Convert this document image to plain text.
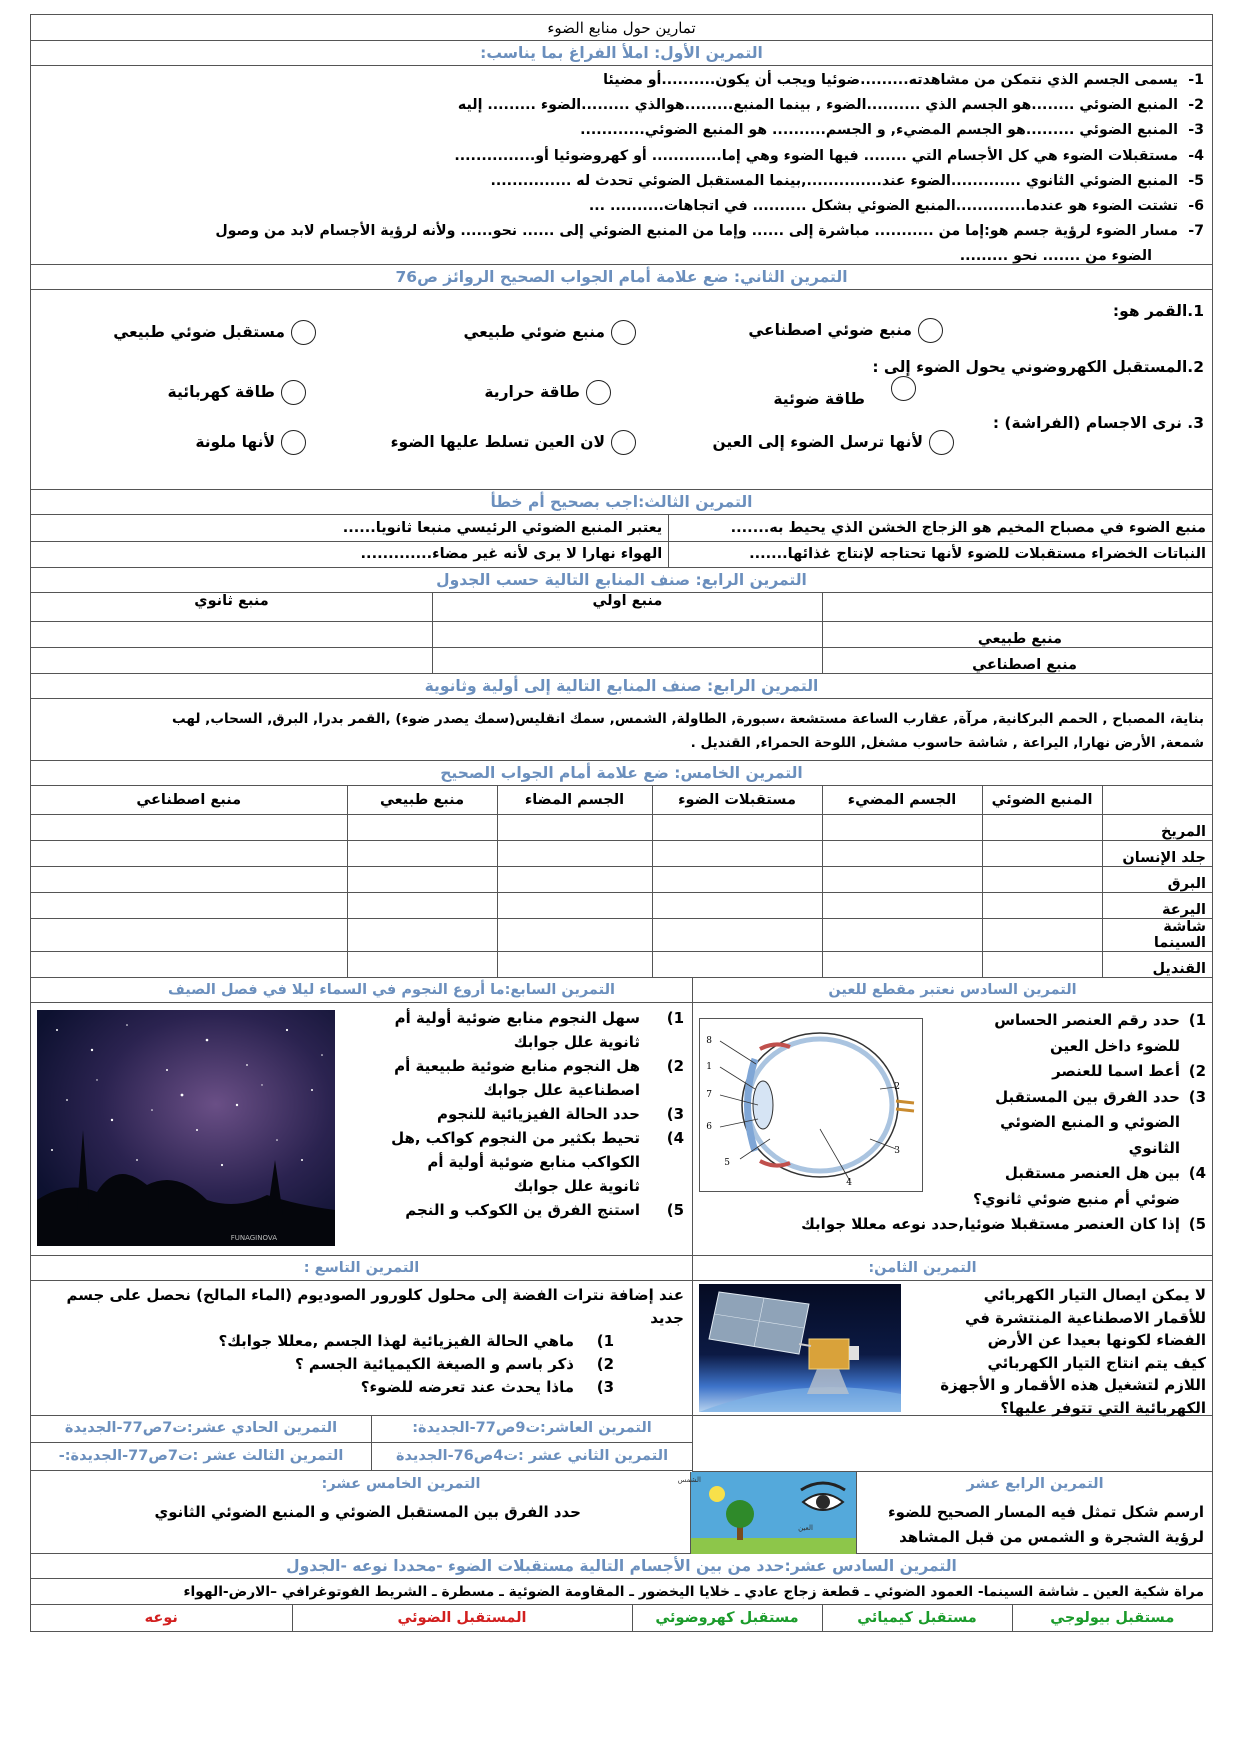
تمارين حول منابع الضوء
التمرين الأول: املأ الفراغ بما يناسب:
1-يسمى الجسم الذي نتمكن من مشاهدته.........ضوئيا ويجب أن يكون..........أو مضيئا
2-المنبع الضوئي ........هو الجسم الذي ..........الضوء , بينما المنبع.........هوالذي .........الضوء ......... إليه
3-المنبع الضوئي .........هو الجسم المضيء, و الجسم.......... هو المنبع الضوئي............
4-مستقبلات الضوء هي كل الأجسام التي ........ فيها الضوء وهي إما............. أو كهروضوئيا أو...............
5-المنبع الضوئي الثانوي .............الضوء عند..............,بينما المستقبل الضوئي تحدث له ...............
6-تشتت الضوء هو عندما.............المنبع الضوئي بشكل .......... في اتجاهات.......... ...
7-مسار الضوء لرؤية جسم هو:إما من ........... مباشرة إلى ...... وإما من المنبع الضوئي إلى ...... نحو...... ولأنه لرؤية الأجسام لابد من وصول
الضوء من ....... نحو .........
التمرين الثاني: ضع علامة أمام الجواب الصحيح الروائز ص76
1.القمر هو:
منبع ضوئي اصطناعي
منبع ضوئي طبيعي
مستقبل ضوئي طبيعي
2.المستقبل الكهروضوني يحول الضوء إلى :
طاقة ضوئية
طاقة حرارية
طاقة كهربائية
3. نرى الاجسام (الفراشة) :
لأنها ترسل الضوء إلى العين
لان العين تسلط عليها الضوء
لأنها ملونة
التمرين الثالث:اجب بصحيح أم خطأ
منبع الضوء في مصباح المخيم هو الزجاج الخشن الذي يحيط به.......	يعتبر المنبع الضوئي الرئيسي منبعا ثانويا......
النباتات الخضراء مستقبلات للضوء لأنها تحتاجه لإنتاج غذائها.......	الهواء نهارا لا يرى لأنه غير مضاء.............
التمرين الرابع: صنف المنابع التالية حسب الجدول
	منبع اولي	منبع ثانوي
منبع طبيعي		
منبع اصطناعي		
التمرين الرابع: صنف المنابع التالية إلى أولية وثانوية
بناية، المصباح , الحمم البركانية, مرآة, عقارب الساعة مستشعة ،سبورة, الطاولة, الشمس, سمك انقليس(سمك يصدر ضوء) ,القمر بدرا, البرق, السحاب, لهب
شمعة, الأرض نهارا, اليراعة , شاشة حاسوب مشغل, اللوحة الحمراء, القنديل .
التمرين الخامس: ضع علامة أمام الجواب الصحيح
	المنبع الضوئي	الجسم المضيء	مستقبلات الضوء	الجسم المضاء	منبع طبيعي	منبع اصطناعي
المريخ						
جلد الإنسان						
البرق						
اليرعة						
شاشة السينما						
القنديل						
التمرين السادس نعتبر مقطع للعين
1)
حدد رقم العنصر الحساس
للضوء داخل العين
2)
أعط اسما للعنصر
3)
حدد الفرق بين المستقبل
الضوئي و المنبع الضوئي
الثانوي
4)
بين هل العنصر مستقبل
ضوئي أم منبع ضوئي ثانوي؟
5)
إذا كان العنصر مستقبلا ضوئيا,حدد نوعه معللا جوابك
8
1
7
6
5
4
3
2
التمرين السابع:ما أروع النجوم في السماء ليلا في فصل الصيف
1)
سهل النجوم منابع ضوئية أولية أم
ثانوية علل جوابك
2)
هل النجوم منابع ضوئية طبيعية أم
اصطناعية علل جوابك
3)
حدد الحالة الفيزيائية للنجوم
4)
تحيط بكثير من النجوم كواكب ,هل
الكواكب منابع ضوئية أولية أم
ثانوية علل جوابك
5)
استنج الفرق ين الكوكب و النجم
FUNAGINOVA
التمرين الثامن:
لا يمكن ايصال التيار الكهربائي
للأقمار الاصطناعية المنتشرة في
الفضاء لكونها بعيدا عن الأرض
كيف يتم انتاج التيار الكهربائي
اللازم لتشغيل هذه الأقمار و الأجهزة
الكهربائية التي تتوفر عليها؟
التمرين التاسع :
عند إضافة نترات الفضة إلى محلول كلورور الصوديوم (الماء المالح) نحصل على جسم
جديد
1)ماهي الحالة الفيزيائية لهذا الجسم ,معللا جوابك؟
2)ذكر باسم و الصيغة الكيميائية الجسم ؟
3)ماذا يحدث عند تعرضه للضوء؟
التمرين العاشر:ت9ص77-الجديدة:
التمرين الحادي عشر:ت7ص77-الجديدة
التمرين الثاني عشر :ت4ص76-الجديدة
التمرين الثالث عشر :ت7ص77-الجديدة:-
التمرين الرابع عشر
ارسم شكل تمثل فيه المسار الصحيح للضوء
لرؤية الشجرة و الشمس من قبل المشاهد
الشمس
العين
التمرين الخامس عشر:
حدد الفرق بين المستقبل الضوئي و المنبع الضوئي الثانوي
التمرين السادس عشر:حدد من بين الأجسام التالية مستقبلات الضوء -محددا نوعه -الجدول
مراة شكية العين ـ شاشة السينما- العمود الضوئي ـ قطعة زجاج عادي ـ خلايا اليخضور ـ المقاومة الضوئية ـ مسطرة ـ الشريط الفوتوغرافي –الارض-الهواء
مستقبل بيولوجي	مستقبل كيميائي	مستقبل كهروضوئي	المستقبل الضوئي	نوعه
